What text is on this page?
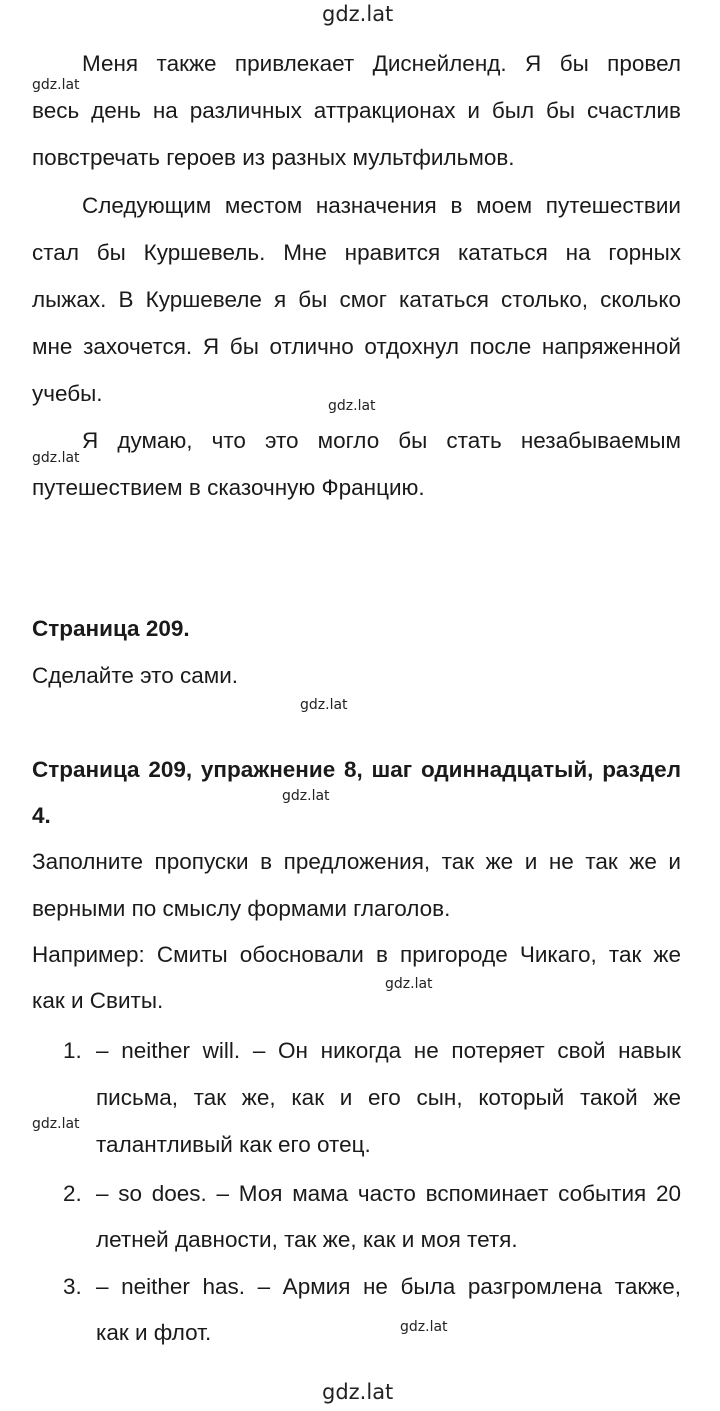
gdz.lat
gdz.lat
gdz.lat
gdz.lat
gdz.lat
gdz.lat
gdz.lat
gdz.lat
gdz.lat
gdz.lat
Меня также привлекает Диснейленд. Я бы провел
весь день на различных аттракционах и был бы счастлив
повстречать героев из разных мультфильмов.
Следующим местом назначения в моем путешествии
стал бы Куршевель. Мне нравится кататься на горных
лыжах. В Куршевеле я бы смог кататься столько, сколько
мне захочется. Я бы отлично отдохнул после напряженной
учебы.
Я думаю, что это могло бы стать незабываемым
путешествием в сказочную Францию.
Страница 209.
Сделайте это сами.
Страница 209, упражнение 8, шаг одиннадцатый, раздел
4.
Заполните пропуски в предложения, так же и не так же и
верными по смыслу формами глаголов.
Например: Смиты обосновали в пригороде Чикаго, так же
как и Свиты.
1. – neither will. – Он никогда не потеряет свой навык
письма, так же, как и его сын, который такой же
талантливый как его отец.
2. – so does. – Моя мама часто вспоминает события 20
летней давности, так же, как и моя тетя.
3. – neither has. – Армия не была разгромлена также,
как и флот.
